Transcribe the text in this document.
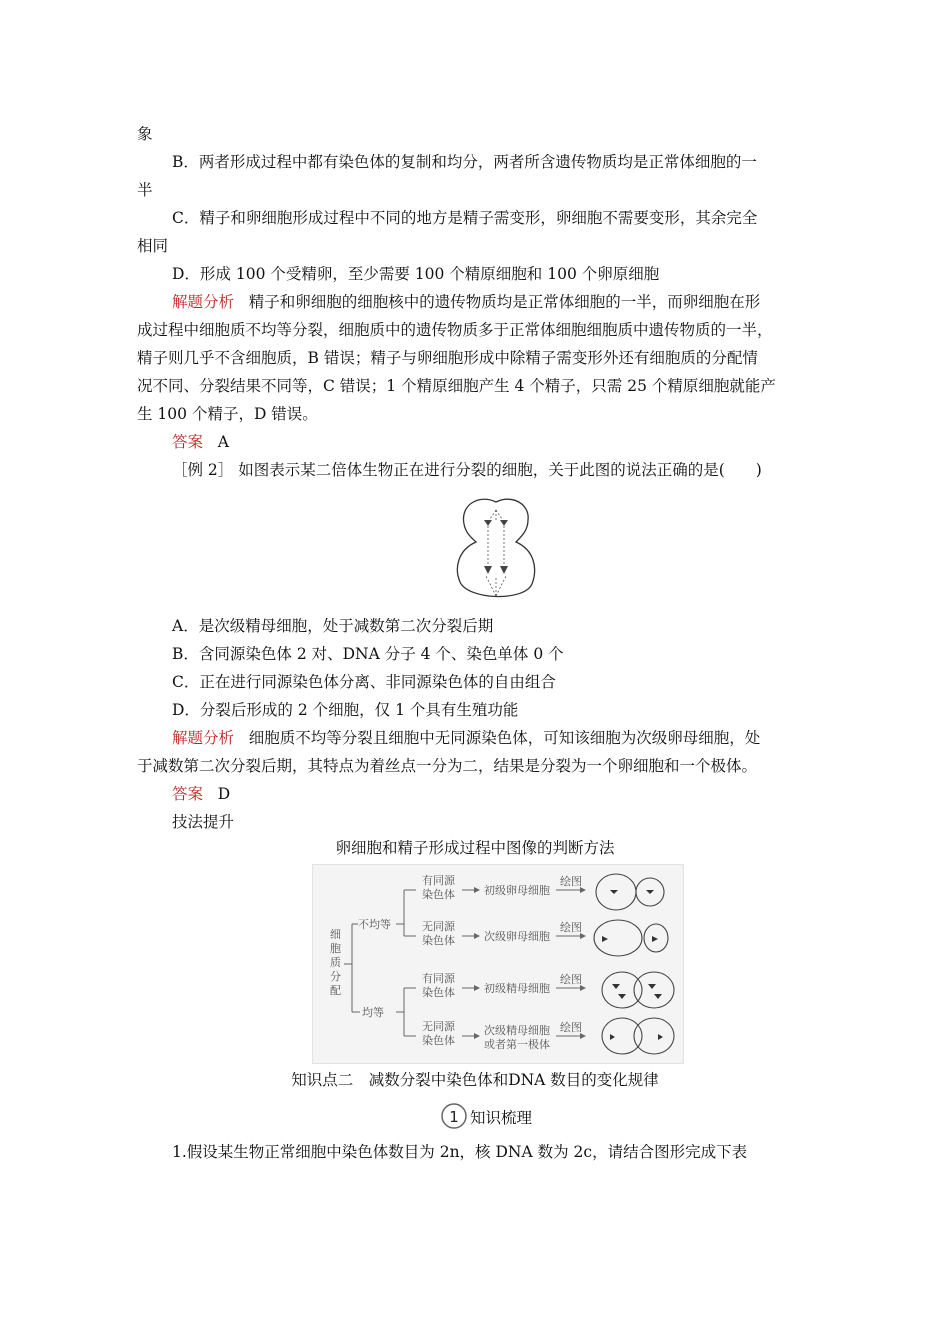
象
B．两者形成过程中都有染色体的复制和均分，两者所含遗传物质均是正常体细胞的一
半
C．精子和卵细胞形成过程中不同的地方是精子需变形，卵细胞不需要变形，其余完全
相同
D．形成 100 个受精卵，至少需要 100 个精原细胞和 100 个卵原细胞
解题分析 精子和卵细胞的细胞核中的遗传物质均是正常体细胞的一半，而卵细胞在形
成过程中细胞质不均等分裂，细胞质中的遗传物质多于正常体细胞细胞质中遗传物质的一半，
精子则几乎不含细胞质，B 错误；精子与卵细胞形成中除精子需变形外还有细胞质的分配情
况不同、分裂结果不同等，C 错误；1 个精原细胞产生 4 个精子，只需 25 个精原细胞就能产
生 100 个精子，D 错误。
答案 A
［例 2］ 如图表示某二倍体生物正在进行分裂的细胞，关于此图的说法正确的是(　　)
A．是次级精母细胞，处于减数第二次分裂后期
B．含同源染色体 2 对、DNA 分子 4 个、染色单体 0 个
C．正在进行同源染色体分离、非同源染色体的自由组合
D．分裂后形成的 2 个细胞，仅 1 个具有生殖功能
解题分析 细胞质不均等分裂且细胞中无同源染色体，可知该细胞为次级卵母细胞，处
于减数第二次分裂后期，其特点为着丝点一分为二，结果是分裂为一个卵细胞和一个极体。
答案 D
技法提升
卵细胞和精子形成过程中图像的判断方法
细
胞
质
分
配
不均等
均等
有同源
染色体
无同源
染色体
有同源
染色体
无同源
染色体
初级卵母细胞
次级卵母细胞
初级精母细胞
次级精母细胞
或者第一极体
绘图
绘图
绘图
绘图
知识点二　减数分裂中染色体和DNA 数目的变化规律
1 知识梳理
1.假设某生物正常细胞中染色体数目为 2n，核 DNA 数为 2c，请结合图形完成下表
